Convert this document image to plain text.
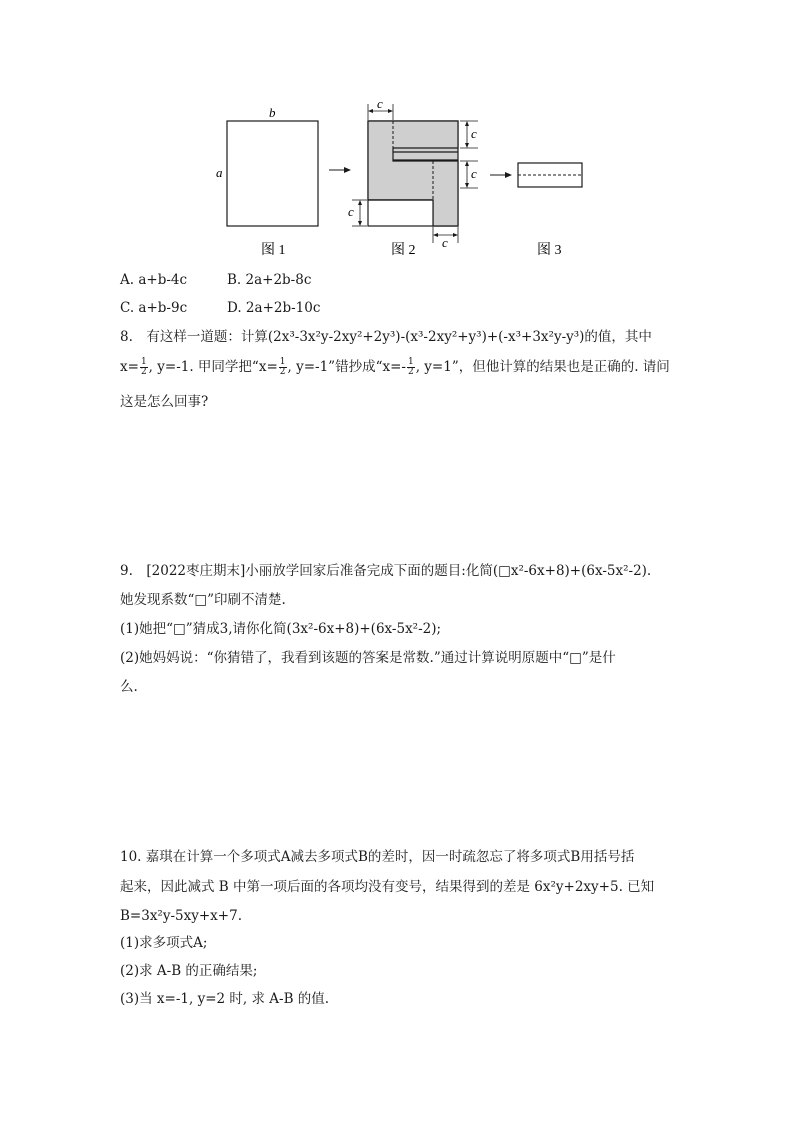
b
a
c
c
c
c
c
图 1	图 2	图 3
A. a+b-4c	B. 2a+2b-8c
C. a+b-9c	D. 2a+2b-10c
8.　有这样一道题：计算(2x³-3x²y-2xy²+2y³)-(x³-2xy²+y³)+(-x³+3x²y-y³)的值，其中
$x= \frac{1}{2}$ , y=-1. 甲同学把“$x= \frac{1}{2}$ , y=-1”错抄成“$x=- \frac{1}{2}$ , y=1”，但他计算的结果也是正确的. 请问
这是怎么回事?
9.　[2022枣庄期末]小丽放学回家后准备完成下面的题目:化简(□x²-6x+8)+(6x-5x²-2).
她发现系数“□”印刷不清楚.
(1)她把“□”猜成3,请你化简(3x²-6x+8)+(6x-5x²-2);
(2)她妈妈说：“你猜错了，我看到该题的答案是常数.”通过计算说明原题中“□”是什
么.
10. 嘉琪在计算一个多项式A减去多项式B的差时，因一时疏忽忘了将多项式B用括号括
起来，因此减式 B 中第一项后面的各项均没有变号，结果得到的差是 6x²y+2xy+5. 已知
B=3x²y-5xy+x+7.
(1)求多项式A;
(2)求 A-B 的正确结果;
(3)当 x=-1, y=2 时, 求 A-B 的值.
